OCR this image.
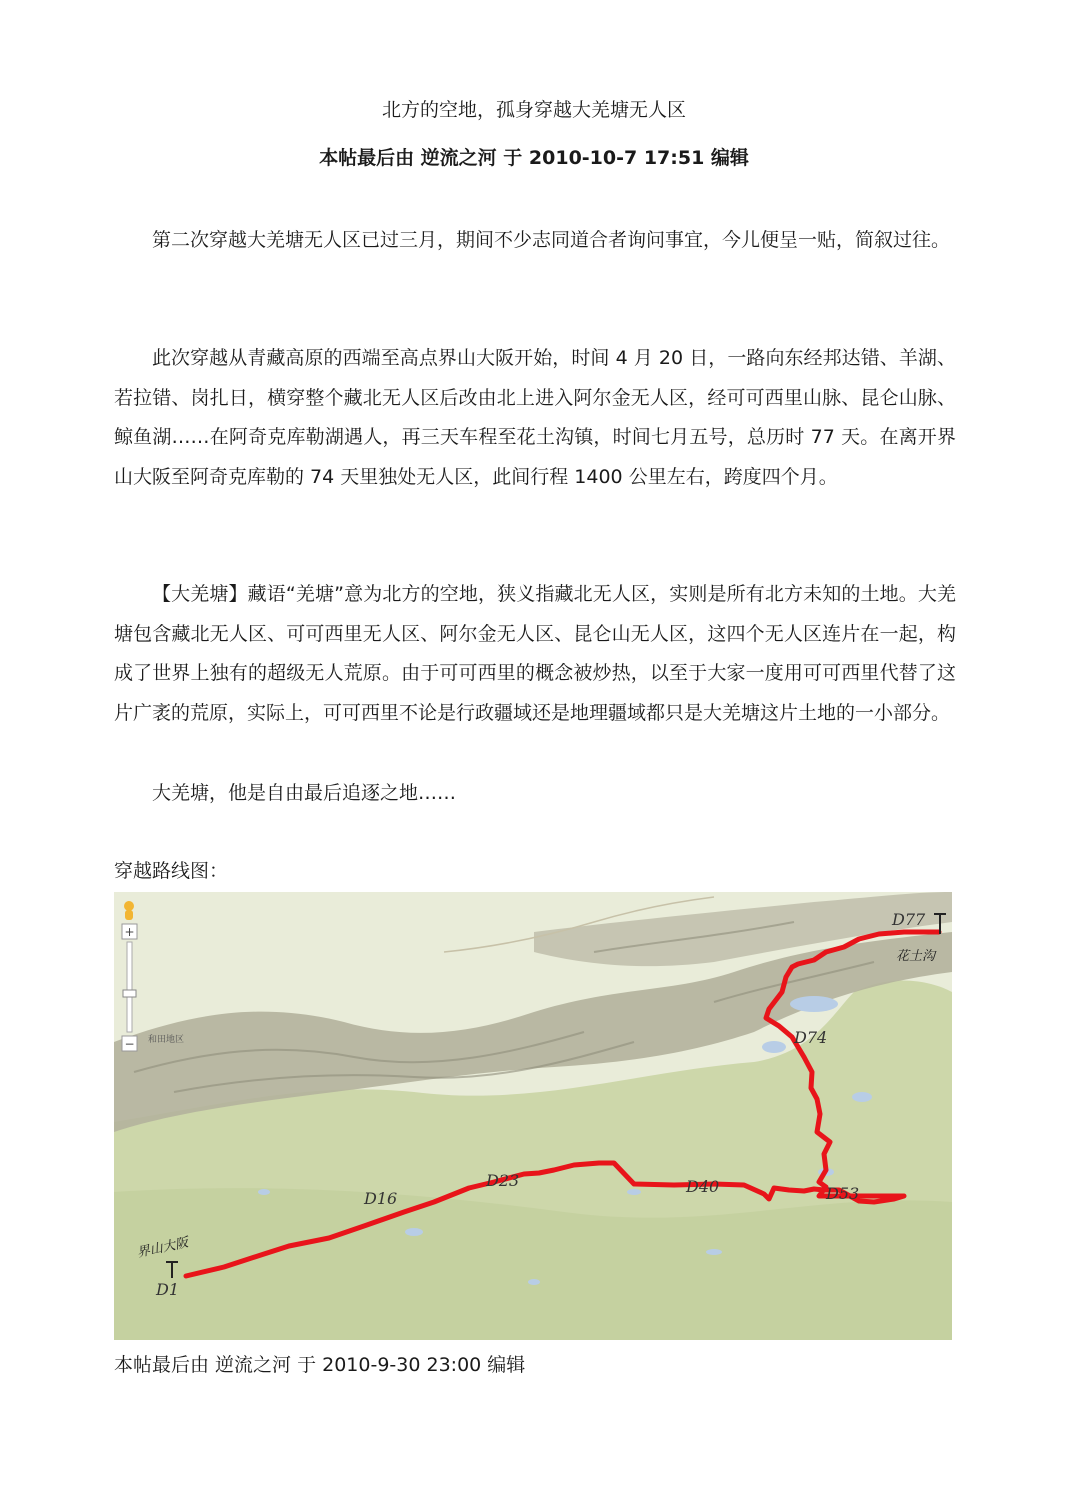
北方的空地，孤身穿越大羌塘无人区
本帖最后由 逆流之河 于 2010-10-7 17:51 编辑

第二次穿越大羌塘无人区已过三月，期间不少志同道合者询问事宜，今儿便呈一贴，简叙过往。

此次穿越从青藏高原的西端至高点界山大阪开始，时间 4 月 20 日，一路向东经邦达错、羊湖、若拉错、岗扎日，横穿整个藏北无人区后改由北上进入阿尔金无人区，经可可西里山脉、昆仑山脉、鲸鱼湖……在阿奇克库勒湖遇人，再三天车程至花土沟镇，时间七月五号，总历时 77 天。在离开界山大阪至阿奇克库勒的 74 天里独处无人区，此间行程 1400 公里左右，跨度四个月。

【大羌塘】藏语“羌塘”意为北方的空地，狭义指藏北无人区，实则是所有北方未知的土地。大羌塘包含藏北无人区、可可西里无人区、阿尔金无人区、昆仑山无人区，这四个无人区连片在一起，构成了世界上独有的超级无人荒原。由于可可西里的概念被炒热，以至于大家一度用可可西里代替了这片广袤的荒原，实际上，可可西里不论是行政疆域还是地理疆域都只是大羌塘这片土地的一小部分。

大羌塘，他是自由最后追逐之地……

穿越路线图：
D1
D16
D23	D40	D53
D74
D77
界山大阪
花土沟
和田地区
+
−
本帖最后由 逆流之河 于 2010-9-30 23:00 编辑
